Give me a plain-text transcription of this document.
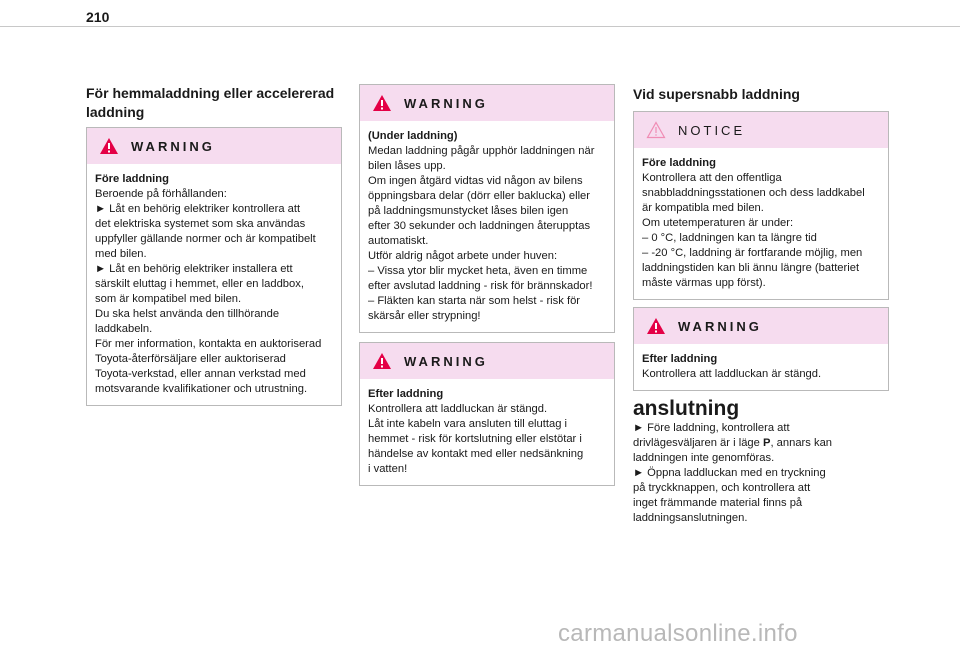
210
För hemmaladdning eller accelererad laddning
WARNING

Före laddning

Beroende på förhållanden:

► Låt en behörig elektriker kontrollera att

det elektriska systemet som ska användas

uppfyller gällande normer och är kompatibelt

med bilen.

► Låt en behörig elektriker installera ett

särskilt eluttag i hemmet, eller en laddbox,

som är kompatibel med bilen.

Du ska helst använda den tillhörande

laddkabeln.

För mer information, kontakta en auktoriserad

Toyota-återförsäljare eller auktoriserad

Toyota-verkstad, eller annan verkstad med

motsvarande kvalifikationer och utrustning.

WARNING

(Under laddning)

Medan laddning pågår upphör laddningen när

bilen låses upp.

Om ingen åtgärd vidtas vid någon av bilens

öppningsbara delar (dörr eller baklucka) eller

på laddningsmunstycket låses bilen igen

efter 30 sekunder och laddningen återupptas

automatiskt.

Utför aldrig något arbete under huven:

– Vissa ytor blir mycket heta, även en timme

efter avslutad laddning - risk för brännskador!

– Fläkten kan starta när som helst - risk för

skärsår eller strypning!

WARNING

Efter laddning

Kontrollera att laddluckan är stängd.

Låt inte kabeln vara ansluten till eluttag i

hemmet - risk för kortslutning eller elstötar i

händelse av kontakt med eller nedsänkning

i vatten!

Vid supersnabb laddning
NOTICE

Före laddning

Kontrollera att den offentliga

snabbladdningsstationen och dess laddkabel

är kompatibla med bilen.

Om utetemperaturen är under:

– 0 °C, laddningen kan ta längre tid

– -20 °C, laddning är fortfarande möjlig, men

laddningstiden kan bli ännu längre (batteriet

måste värmas upp först).

WARNING

Efter laddning

Kontrollera att laddluckan är stängd.

anslutning
► Före laddning, kontrollera att
drivlägesväljaren är i läge P, annars kan
laddningen inte genomföras.
► Öppna laddluckan med en tryckning
på tryckknappen, och kontrollera att
inget främmande material finns på
laddningsanslutningen.
carmanualsonline.info
